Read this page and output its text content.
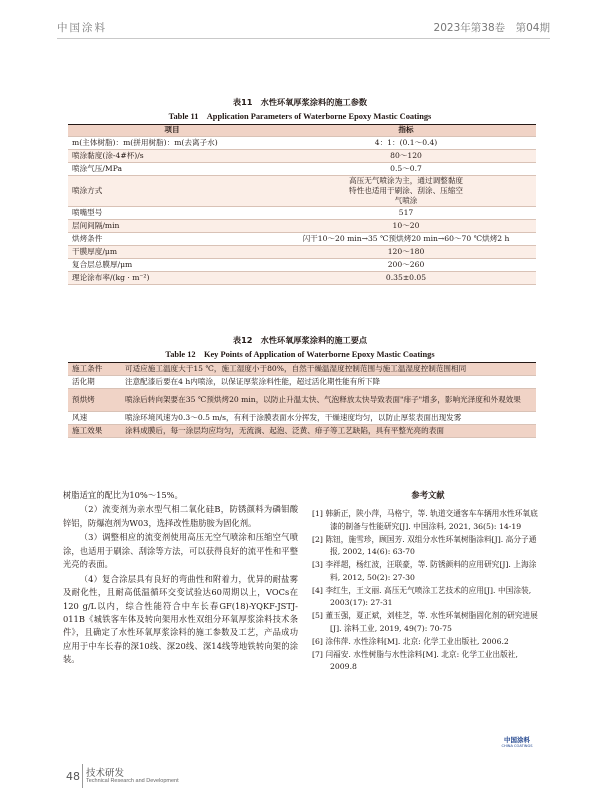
中国涂料	2023年第38卷　第04期
表11　水性环氧厚浆涂料的施工参数
Table 11　Application Parameters of Waterborne Epoxy Mastic Coatings
项目	指标
m(主体树脂)：m(拼用树脂)：m(去离子水)	4：1：(0.1～0.4)
喷涂黏度(涂-4#杯)/s	80～120
喷涂气压/MPa	0.5～0.7
喷涂方式	高压无气喷涂为主，通过调整黏度特性也适用于刷涂、刮涂、压缩空气喷涂
喷嘴型号	517
层间间隔/min	10～20
烘烤条件	闪干10～20 min→35 ℃预烘烤20 min→60～70 ℃烘烤2 h
干膜厚度/μm	120～180
复合层总膜厚/μm	200～260
理论涂布率/(kg · m⁻²)	0.35±0.05
表12　水性环氧厚浆涂料的施工要点
Table 12　Key Points of Application of Waterborne Epoxy Mastic Coatings
施工条件	可适应施工温度大于15 ℃，施工湿度小于80%，自然干燥温湿度控制范围与施工温湿度控制范围相同
活化期	注意配漆后要在4 h内喷涂，以保证厚浆涂料性能，超过活化期性能有所下降
预烘烤	喷涂后转向架要在35 ℃预烘烤20 min，以防止升温太快、气泡释放太快导致表面"痱子"增多，影响光泽度和外观效果
风速	喷涂环境风速为0.3～0.5 m/s，有利于涂膜表面水分挥发，干燥速度均匀，以防止厚浆表面出现发雾
施工效果	涂料成膜后，每一涂层均应均匀，无流淌、起泡、泛黄、痱子等工艺缺陷，具有平整光亮的表面

树脂适宜的配比为10%～15%。

（2）流变剂为亲水型气相二氧化硅B，防锈颜料为磷钼酸锌铝，防爆泡剂为W03，选择改性脂肪胺为固化剂。

（3）调整相应的流变剂使用高压无空气喷涂和压缩空气喷涂，也适用于刷涂、刮涂等方法，可以获得良好的流平性和平整光亮的表面。

（4）复合涂层具有良好的弯曲性和附着力，优异的耐盐雾及耐化性，且耐高低温循环交变试验达60周期以上，VOCs在120 g/L以内，综合性能符合中车长春GF(18)-YQKF-JSTJ-011B《城铁客车体及转向架用水性双组分环氧厚浆涂料技术条件》，且确定了水性环氧厚浆涂料的施工参数及工艺，产品成功应用于中车长春的深10线、深20线、深14线等地铁转向架的涂装。

参考文献
[1] 韩新正，陕小萍，马格宁，等. 轨道交通客车车辆用水性环氧底漆的制备与性能研究[J]. 中国涂料, 2021, 36(5): 14-19
[2] 陈钮，施雪珍，顾国芳. 双组分水性环氧树脂涂料[J]. 高分子通报, 2002, 14(6): 63-70
[3] 李祥超，杨红波，汪联豪，等. 防锈颜料的应用研究[J]. 上海涂料, 2012, 50(2): 27-30
[4] 李红生，王文丽. 高压无气喷涂工艺技术的应用[J]. 中国涂装, 2003(17): 27-31
[5] 董玉强，夏正斌，刘桂芝，等. 水性环氧树脂固化剂的研究进展[J]. 涂料工业, 2019, 49(7): 70-75
[6] 涂伟萍. 水性涂料[M]. 北京: 化学工业出版社, 2006.2
[7] 闫福安. 水性树脂与水性涂料[M]. 北京: 化学工业出版社, 2009.8
中国涂料
CHINA COATINGS
48 技术研发
Technical Research and Development
